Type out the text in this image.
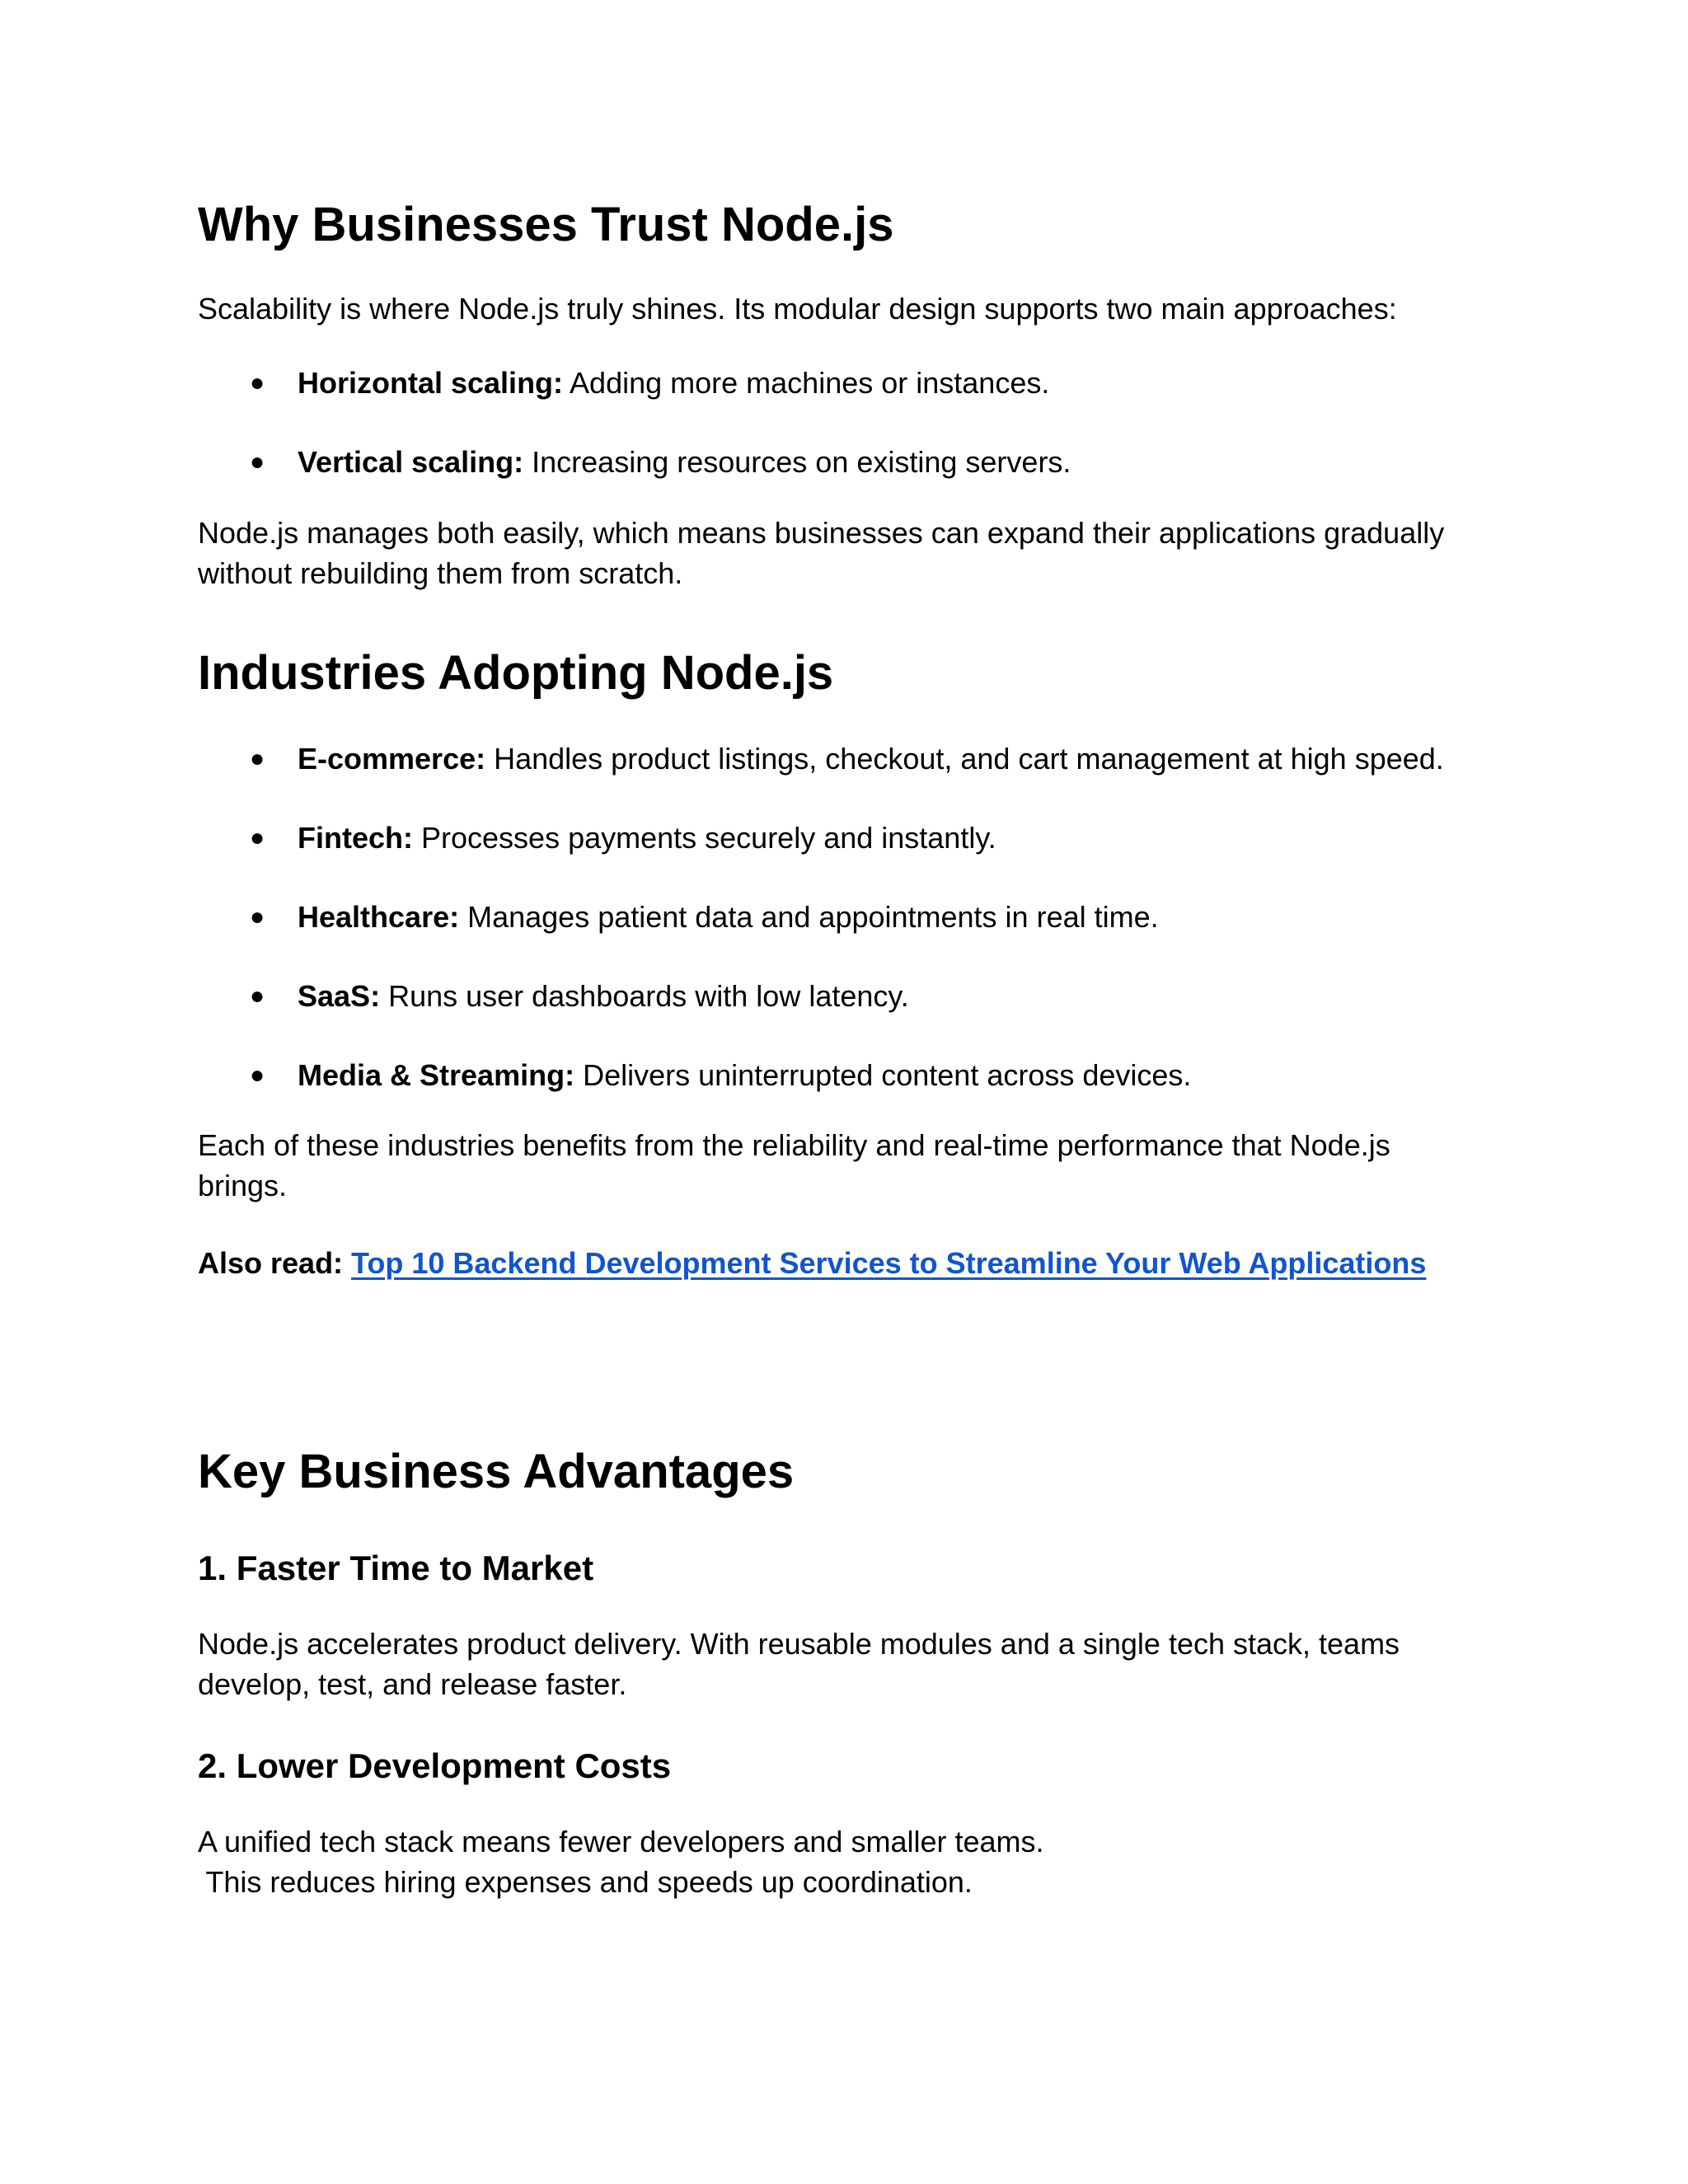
Why Businesses Trust Node.js

Scalability is where Node.js truly shines. Its modular design supports two main approaches:

● Horizontal scaling: Adding more machines or instances.
● Vertical scaling: Increasing resources on existing servers.

Node.js manages both easily, which means businesses can expand their applications gradually
without rebuilding them from scratch.

Industries Adopting Node.js
● E-commerce: Handles product listings, checkout, and cart management at high speed.
● Fintech: Processes payments securely and instantly.
● Healthcare: Manages patient data and appointments in real time.
● SaaS: Runs user dashboards with low latency.
● Media & Streaming: Delivers uninterrupted content across devices.

Each of these industries benefits from the reliability and real-time performance that Node.js
brings.

Also read: Top 10 Backend Development Services to Streamline Your Web Applications

Key Business Advantages
1. Faster Time to Market

Node.js accelerates product delivery. With reusable modules and a single tech stack, teams
develop, test, and release faster.

2. Lower Development Costs

A unified tech stack means fewer developers and smaller teams.
This reduces hiring expenses and speeds up coordination.
